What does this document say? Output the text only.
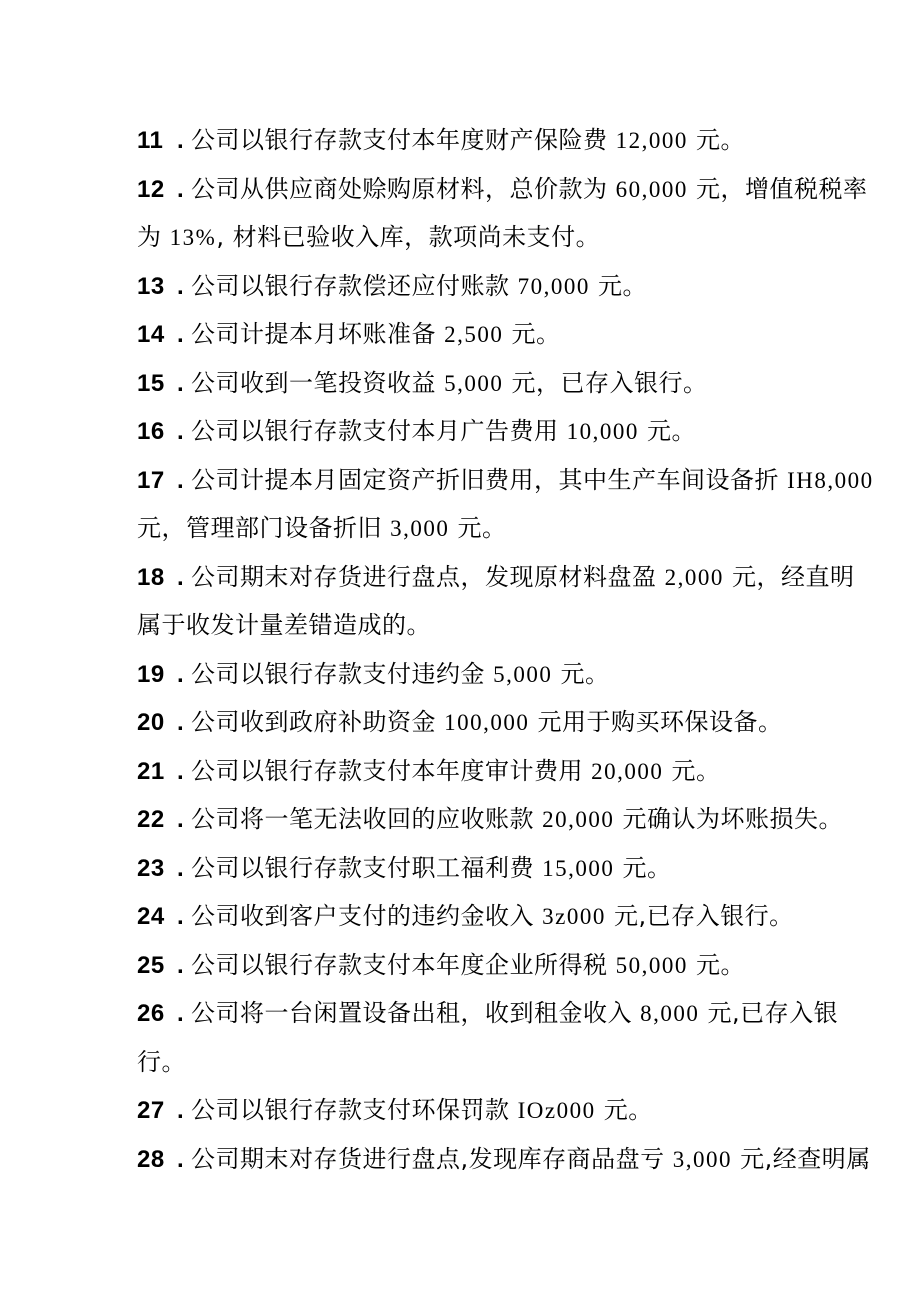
11 . 公司以银行存款支付本年度财产保险费 12,000 元。
12 . 公司从供应商处赊购原材料，总价款为 60,000 元，增值税税率
为 13%, 材料已验收入库，款项尚未支付。
13 . 公司以银行存款偿还应付账款 70,000 元。
14 . 公司计提本月坏账准备 2,500 元。
15 . 公司收到一笔投资收益 5,000 元，已存入银行。
16 . 公司以银行存款支付本月广告费用 10,000 元。
17 . 公司计提本月固定资产折旧费用，其中生产车间设备折 IH8,000
元，管理部门设备折旧 3,000 元。
18 . 公司期末对存货进行盘点，发现原材料盘盈 2,000 元，经直明
属于收发计量差错造成的。
19 . 公司以银行存款支付违约金 5,000 元。
20 . 公司收到政府补助资金 100,000 元用于购买环保设备。
21 . 公司以银行存款支付本年度审计费用 20,000 元。
22 . 公司将一笔无法收回的应收账款 20,000 元确认为坏账损失。
23 . 公司以银行存款支付职工福利费 15,000 元。
24 . 公司收到客户支付的违约金收入 3z000 元,已存入银行。
25 . 公司以银行存款支付本年度企业所得税 50,000 元。
26 . 公司将一台闲置设备出租，收到租金收入 8,000 元,已存入银
行。
27 . 公司以银行存款支付环保罚款 IOz000 元。
28 . 公司期末对存货进行盘点,发现库存商品盘亏 3,000 元,经查明属
